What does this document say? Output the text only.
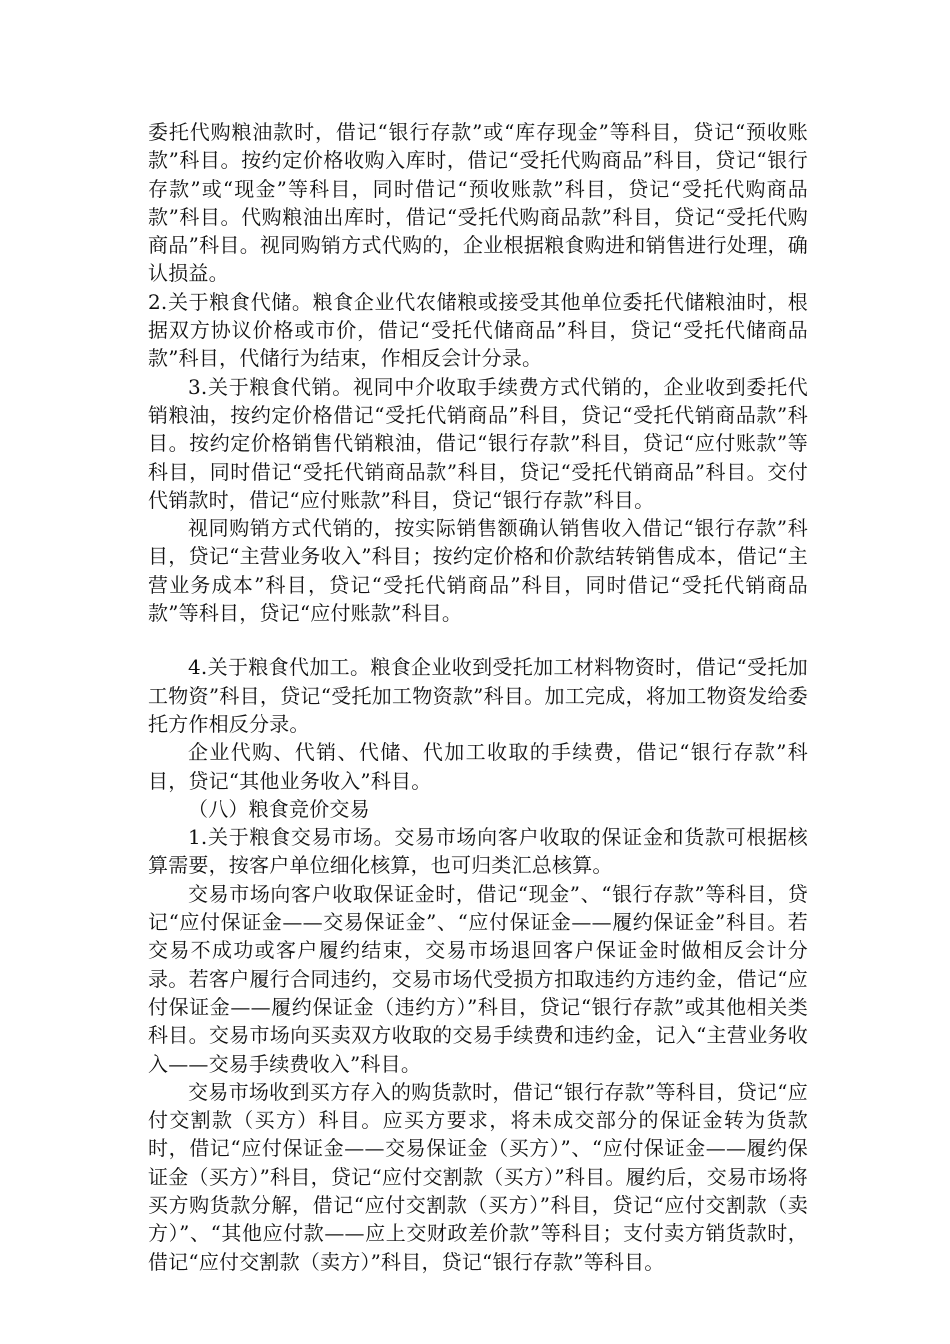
委托代购粮油款时，借记“银行存款”或“库存现金”等科目，贷记“预收账款”科目。按约定价格收购入库时，借记“受托代购商品”科目，贷记“银行存款”或“现金”等科目，同时借记“预收账款”科目，贷记“受托代购商品款”科目。代购粮油出库时，借记“受托代购商品款”科目，贷记“受托代购商品”科目。视同购销方式代购的，企业根据粮食购进和销售进行处理，确认损益。

2.关于粮食代储。粮食企业代农储粮或接受其他单位委托代储粮油时，根据双方协议价格或市价，借记“受托代储商品”科目，贷记“受托代储商品款”科目，代储行为结束，作相反会计分录。

3.关于粮食代销。视同中介收取手续费方式代销的，企业收到委托代销粮油，按约定价格借记“受托代销商品”科目，贷记“受托代销商品款”科目。按约定价格销售代销粮油，借记“银行存款”科目，贷记“应付账款”等科目，同时借记“受托代销商品款”科目，贷记“受托代销商品”科目。交付代销款时，借记“应付账款”科目，贷记“银行存款”科目。

视同购销方式代销的，按实际销售额确认销售收入借记“银行存款”科目，贷记“主营业务收入”科目；按约定价格和价款结转销售成本，借记“主营业务成本”科目，贷记“受托代销商品”科目，同时借记“受托代销商品款”等科目，贷记“应付账款”科目。

4.关于粮食代加工。粮食企业收到受托加工材料物资时，借记“受托加工物资”科目，贷记“受托加工物资款”科目。加工完成，将加工物资发给委托方作相反分录。

企业代购、代销、代储、代加工收取的手续费，借记“银行存款”科目，贷记“其他业务收入”科目。

（八）粮食竞价交易

1.关于粮食交易市场。交易市场向客户收取的保证金和货款可根据核算需要，按客户单位细化核算，也可归类汇总核算。

交易市场向客户收取保证金时，借记“现金”、“银行存款”等科目，贷记“应付保证金——交易保证金”、“应付保证金——履约保证金”科目。若交易不成功或客户履约结束，交易市场退回客户保证金时做相反会计分录。若客户履行合同违约，交易市场代受损方扣取违约方违约金，借记“应付保证金——履约保证金（违约方）”科目，贷记“银行存款”或其他相关类科目。交易市场向买卖双方收取的交易手续费和违约金，记入“主营业务收入——交易手续费收入”科目。

交易市场收到买方存入的购货款时，借记“银行存款”等科目，贷记“应付交割款（买方）科目。应买方要求，将未成交部分的保证金转为货款时，借记“应付保证金——交易保证金（买方）”、“应付保证金——履约保证金（买方）”科目，贷记“应付交割款（买方）”科目。履约后，交易市场将买方购货款分解，借记“应付交割款（买方）”科目，贷记“应付交割款（卖方）”、“其他应付款——应上交财政差价款”等科目；支付卖方销货款时，借记“应付交割款（卖方）”科目，贷记“银行存款”等科目。
